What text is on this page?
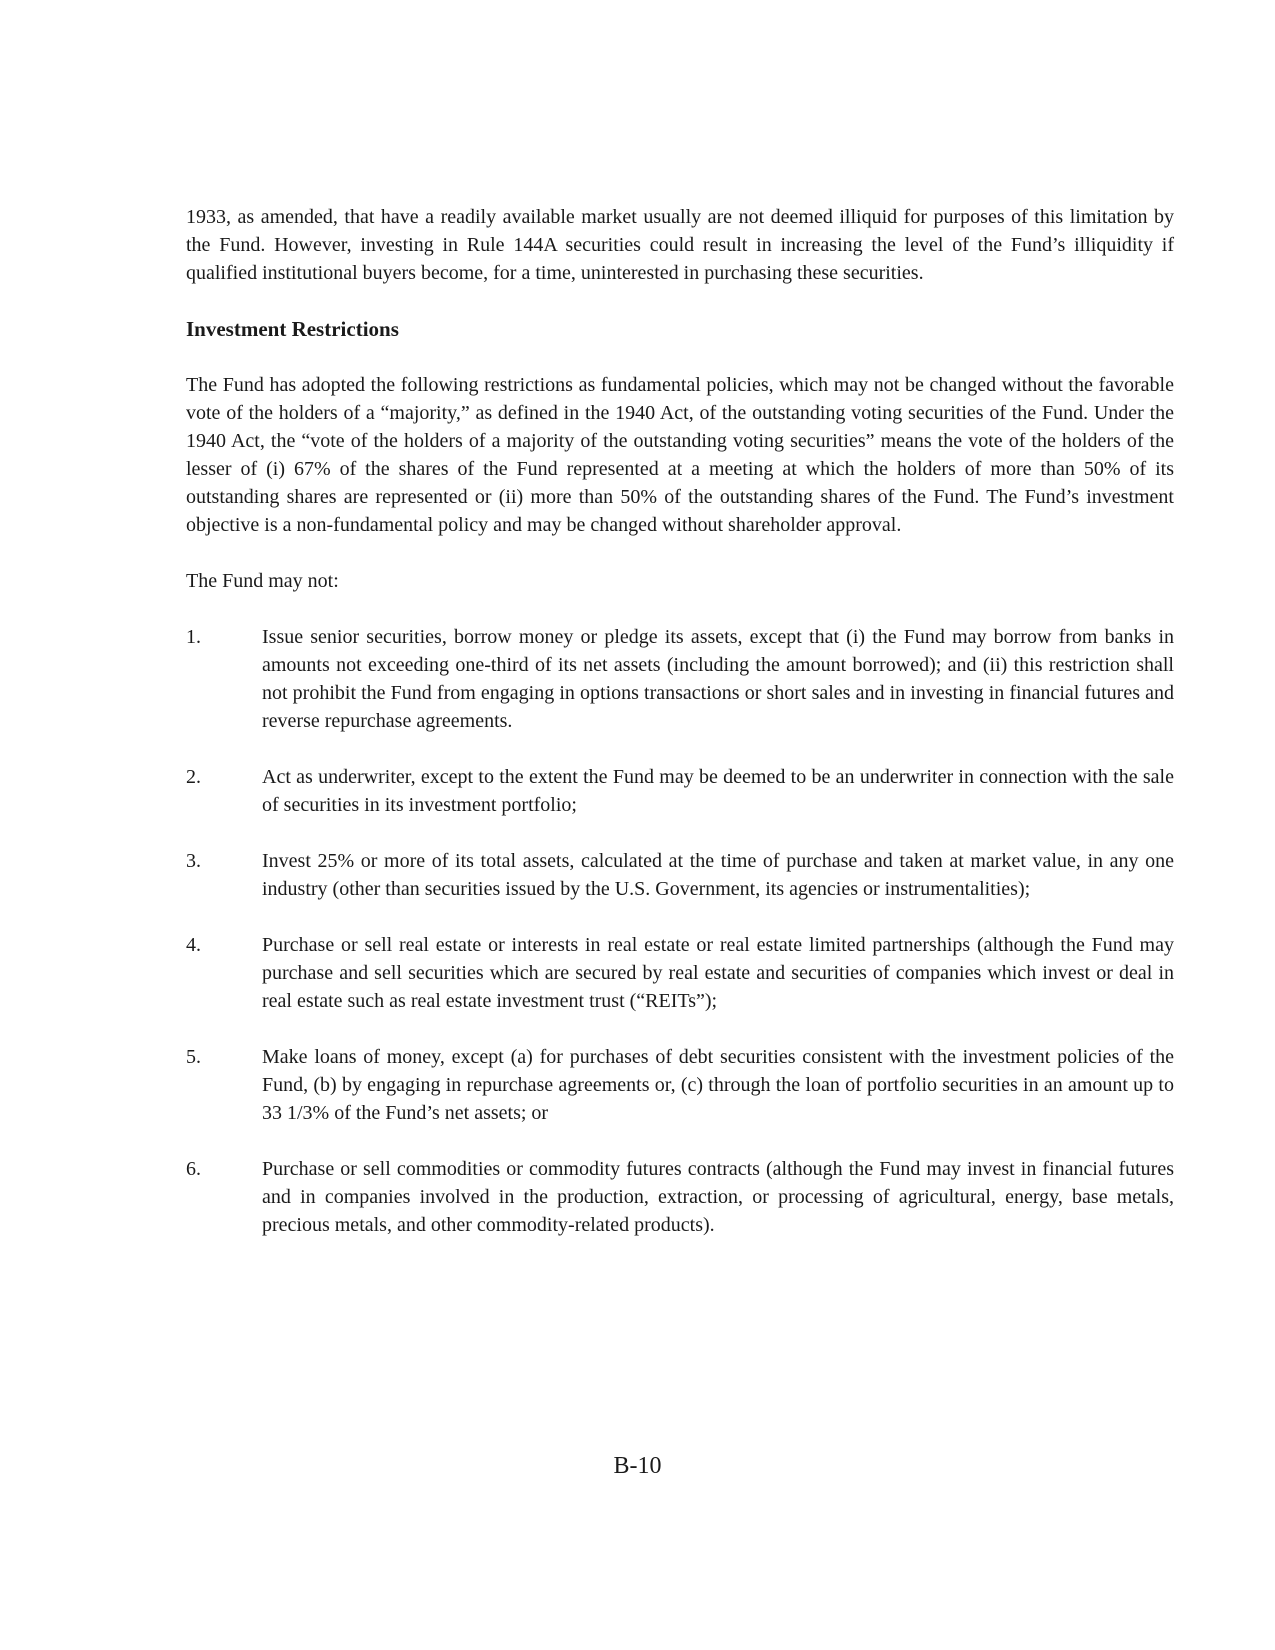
1933, as amended, that have a readily available market usually are not deemed illiquid for purposes of this limitation by the Fund. However, investing in Rule 144A securities could result in increasing the level of the Fund’s illiquidity if qualified institutional buyers become, for a time, uninterested in purchasing these securities.

Investment Restrictions

The Fund has adopted the following restrictions as fundamental policies, which may not be changed without the favorable vote of the holders of a “majority,” as defined in the 1940 Act, of the outstanding voting securities of the Fund. Under the 1940 Act, the “vote of the holders of a majority of the outstanding voting securities” means the vote of the holders of the lesser of (i) 67% of the shares of the Fund represented at a meeting at which the holders of more than 50% of its outstanding shares are represented or (ii) more than 50% of the outstanding shares of the Fund. The Fund’s investment objective is a non-fundamental policy and may be changed without shareholder approval.

The Fund may not:

1.	Issue senior securities, borrow money or pledge its assets, except that (i) the Fund may borrow from banks in amounts not exceeding one-third of its net assets (including the amount borrowed); and (ii) this restriction shall not prohibit the Fund from engaging in options transactions or short sales and in investing in financial futures and reverse repurchase agreements.
2.	Act as underwriter, except to the extent the Fund may be deemed to be an underwriter in connection with the sale of securities in its investment portfolio;
3.	Invest 25% or more of its total assets, calculated at the time of purchase and taken at market value, in any one industry (other than securities issued by the U.S. Government, its agencies or instrumentalities);
4.	Purchase or sell real estate or interests in real estate or real estate limited partnerships (although the Fund may purchase and sell securities which are secured by real estate and securities of companies which invest or deal in real estate such as real estate investment trust (“REITs”);
5.	Make loans of money, except (a) for purchases of debt securities consistent with the investment policies of the Fund, (b) by engaging in repurchase agreements or, (c) through the loan of portfolio securities in an amount up to 33 1/3% of the Fund’s net assets; or
6.	Purchase or sell commodities or commodity futures contracts (although the Fund may invest in financial futures and in companies involved in the production, extraction, or processing of agricultural, energy, base metals, precious metals, and other commodity-related products).
B-10
